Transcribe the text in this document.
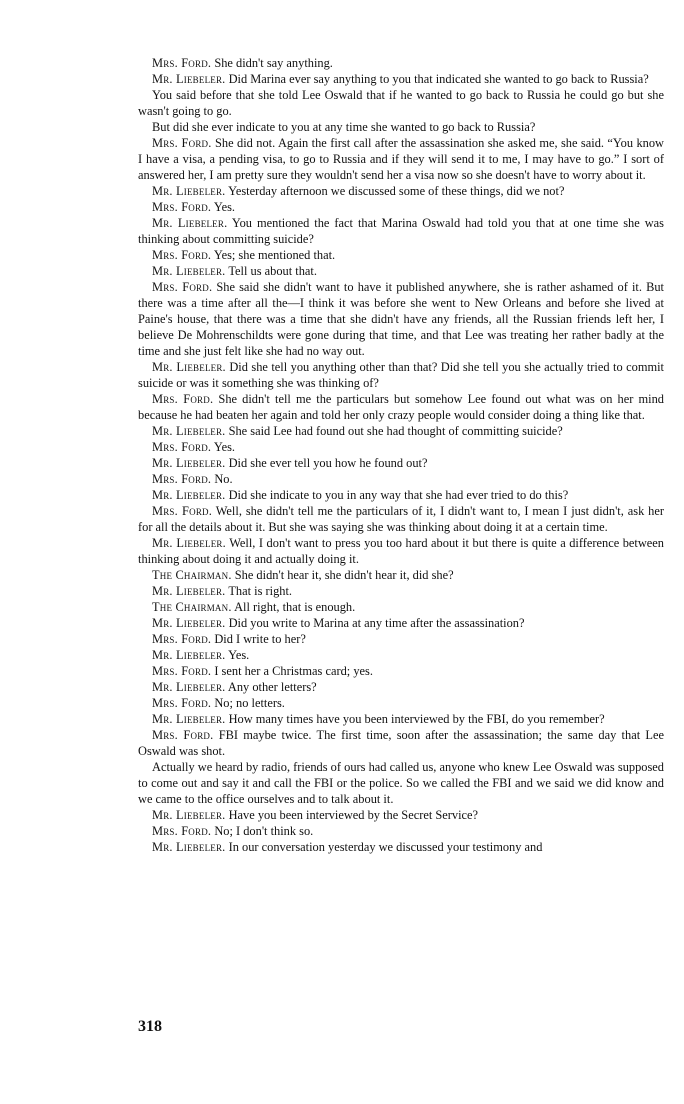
Mrs. Ford. She didn't say anything.

Mr. Liebeler. Did Marina ever say anything to you that indicated she wanted to go back to Russia?

You said before that she told Lee Oswald that if he wanted to go back to Russia he could go but she wasn't going to go.

But did she ever indicate to you at any time she wanted to go back to Russia?

Mrs. Ford. She did not. Again the first call after the assassination she asked me, she said. “You know I have a visa, a pending visa, to go to Russia and if they will send it to me, I may have to go.” I sort of answered her, I am pretty sure they wouldn't send her a visa now so she doesn't have to worry about it.

Mr. Liebeler. Yesterday afternoon we discussed some of these things, did we not?

Mrs. Ford. Yes.

Mr. Liebeler. You mentioned the fact that Marina Oswald had told you that at one time she was thinking about committing suicide?

Mrs. Ford. Yes; she mentioned that.

Mr. Liebeler. Tell us about that.

Mrs. Ford. She said she didn't want to have it published anywhere, she is rather ashamed of it. But there was a time after all the—I think it was before she went to New Orleans and before she lived at Paine's house, that there was a time that she didn't have any friends, all the Russian friends left her, I believe De Mohrenschildts were gone during that time, and that Lee was treating her rather badly at the time and she just felt like she had no way out.

Mr. Liebeler. Did she tell you anything other than that? Did she tell you she actually tried to commit suicide or was it something she was thinking of?

Mrs. Ford. She didn't tell me the particulars but somehow Lee found out what was on her mind because he had beaten her again and told her only crazy people would consider doing a thing like that.

Mr. Liebeler. She said Lee had found out she had thought of committing suicide?

Mrs. Ford. Yes.

Mr. Liebeler. Did she ever tell you how he found out?

Mrs. Ford. No.

Mr. Liebeler. Did she indicate to you in any way that she had ever tried to do this?

Mrs. Ford. Well, she didn't tell me the particulars of it, I didn't want to, I mean I just didn't, ask her for all the details about it. But she was saying she was thinking about doing it at a certain time.

Mr. Liebeler. Well, I don't want to press you too hard about it but there is quite a difference between thinking about doing it and actually doing it.

The Chairman. She didn't hear it, she didn't hear it, did she?

Mr. Liebeler. That is right.

The Chairman. All right, that is enough.

Mr. Liebeler. Did you write to Marina at any time after the assassination?

Mrs. Ford. Did I write to her?

Mr. Liebeler. Yes.

Mrs. Ford. I sent her a Christmas card; yes.

Mr. Liebeler. Any other letters?

Mrs. Ford. No; no letters.

Mr. Liebeler. How many times have you been interviewed by the FBI, do you remember?

Mrs. Ford. FBI maybe twice. The first time, soon after the assassination; the same day that Lee Oswald was shot.

Actually we heard by radio, friends of ours had called us, anyone who knew Lee Oswald was supposed to come out and say it and call the FBI or the police. So we called the FBI and we said we did know and we came to the office ourselves and to talk about it.

Mr. Liebeler. Have you been interviewed by the Secret Service?

Mrs. Ford. No; I don't think so.

Mr. Liebeler. In our conversation yesterday we discussed your testimony and

318
